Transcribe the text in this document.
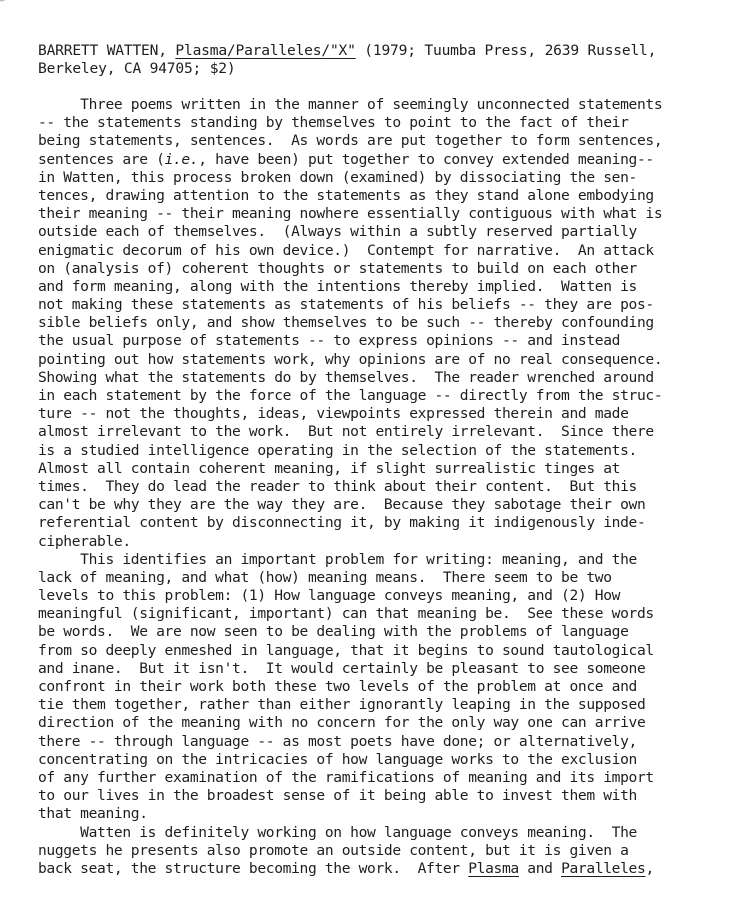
BARRETT WATTEN, Plasma/Paralleles/"X" (1979; Tuumba Press, 2639 Russell,
Berkeley, CA 94705; $2)
Three poems written in the manner of seemingly unconnected statements
-- the statements standing by themselves to point to the fact of their
being statements, sentences.  As words are put together to form sentences,
sentences are (i.e., have been) put together to convey extended meaning--
in Watten, this process broken down (examined) by dissociating the sen-
tences, drawing attention to the statements as they stand alone embodying
their meaning -- their meaning nowhere essentially contiguous with what is
outside each of themselves.  (Always within a subtly reserved partially
enigmatic decorum of his own device.)  Contempt for narrative.  An attack
on (analysis of) coherent thoughts or statements to build on each other
and form meaning, along with the intentions thereby implied.  Watten is
not making these statements as statements of his beliefs -- they are pos-
sible beliefs only, and show themselves to be such -- thereby confounding
the usual purpose of statements -- to express opinions -- and instead
pointing out how statements work, why opinions are of no real consequence.
Showing what the statements do by themselves.  The reader wrenched around
in each statement by the force of the language -- directly from the struc-
ture -- not the thoughts, ideas, viewpoints expressed therein and made
almost irrelevant to the work.  But not entirely irrelevant.  Since there
is a studied intelligence operating in the selection of the statements.
Almost all contain coherent meaning, if slight surrealistic tinges at
times.  They do lead the reader to think about their content.  But this
can't be why they are the way they are.  Because they sabotage their own
referential content by disconnecting it, by making it indigenously inde-
cipherable.
This identifies an important problem for writing: meaning, and the
lack of meaning, and what (how) meaning means.  There seem to be two
levels to this problem: (1) How language conveys meaning, and (2) How
meaningful (significant, important) can that meaning be.  See these words
be words.  We are now seen to be dealing with the problems of language
from so deeply enmeshed in language, that it begins to sound tautological
and inane.  But it isn't.  It would certainly be pleasant to see someone
confront in their work both these two levels of the problem at once and
tie them together, rather than either ignorantly leaping in the supposed
direction of the meaning with no concern for the only way one can arrive
there -- through language -- as most poets have done; or alternatively,
concentrating on the intricacies of how language works to the exclusion
of any further examination of the ramifications of meaning and its import
to our lives in the broadest sense of it being able to invest them with
that meaning.
Watten is definitely working on how language conveys meaning.  The
nuggets he presents also promote an outside content, but it is given a
back seat, the structure becoming the work.  After Plasma and Paralleles,
